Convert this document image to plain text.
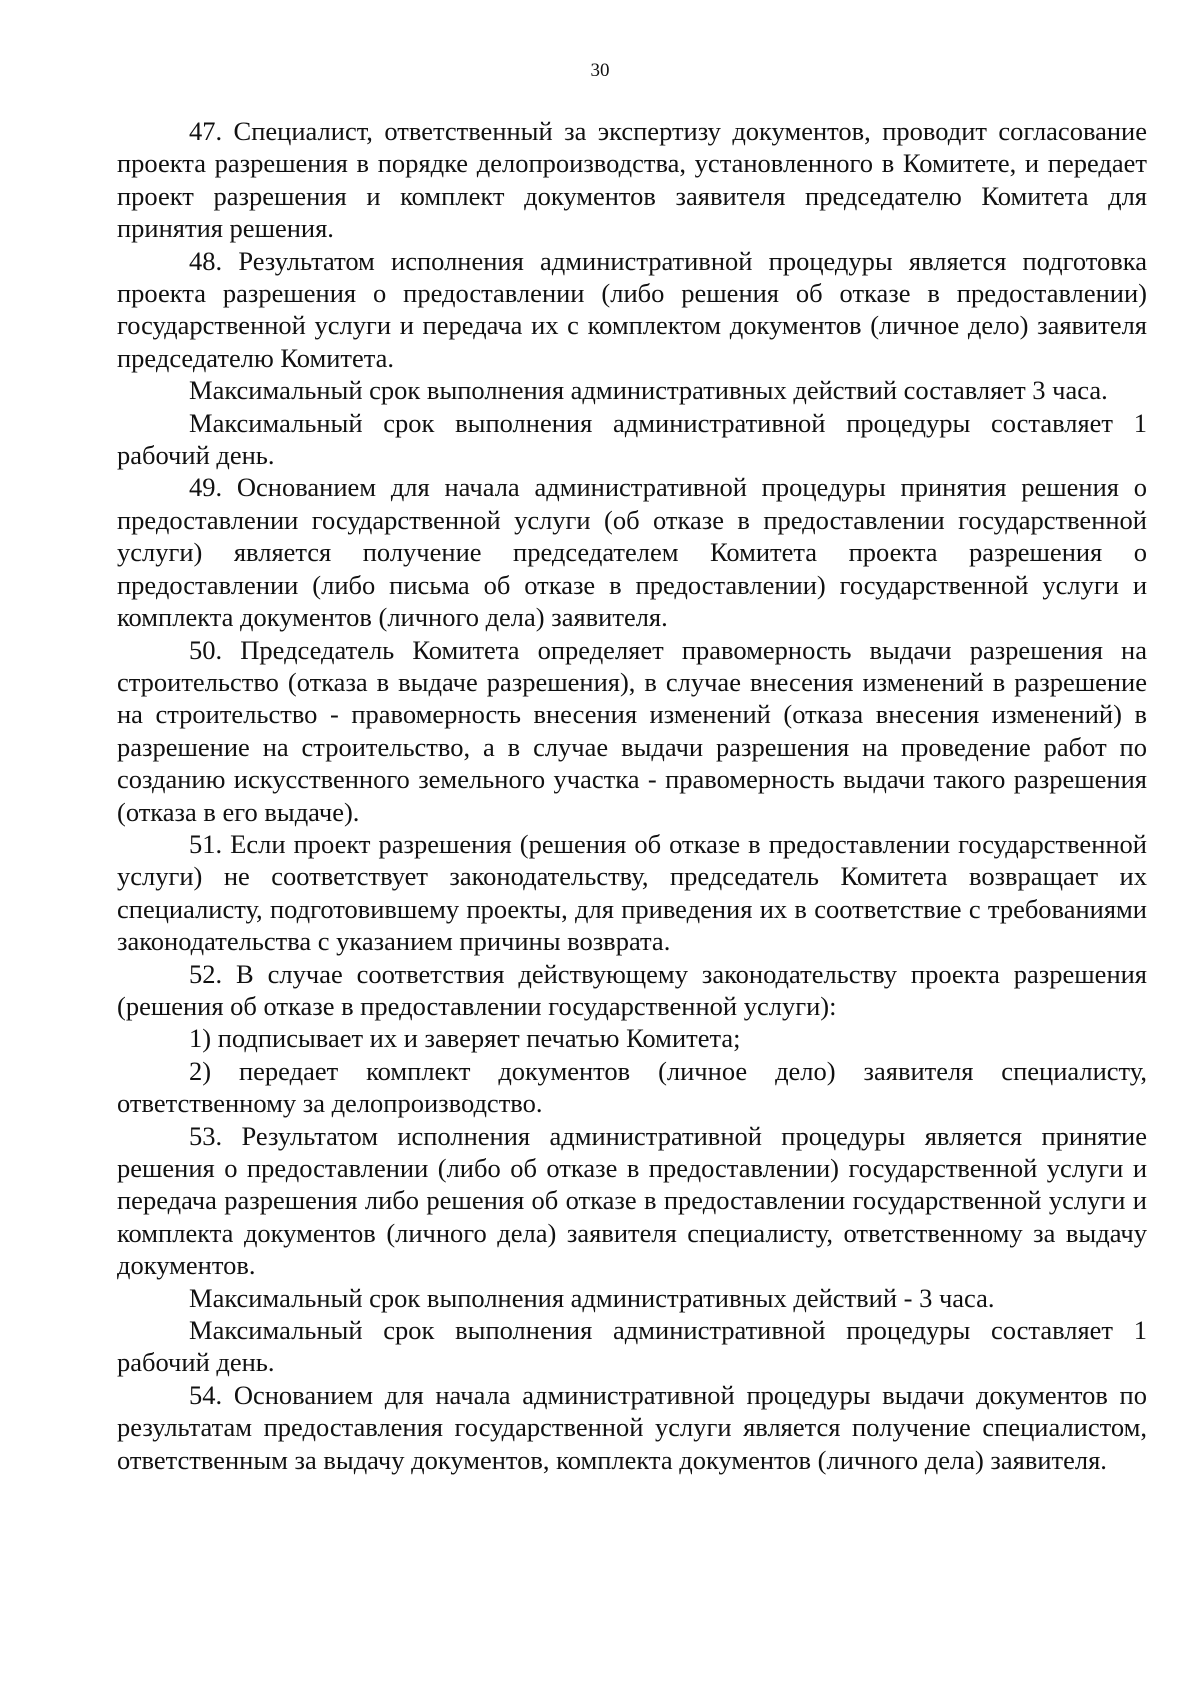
30

47. Специалист, ответственный за экспертизу документов, проводит согласование проекта разрешения в порядке делопроизводства, установленного в Комитете, и передает проект разрешения и комплект документов заявителя председателю Комитета для принятия решения.

48. Результатом исполнения административной процедуры является подготовка проекта разрешения о предоставлении (либо решения об отказе в предоставлении) государственной услуги и передача их с комплектом документов (личное дело) заявителя председателю Комитета.

Максимальный срок выполнения административных действий составляет 3 часа.

Максимальный срок выполнения административной процедуры составляет 1 рабочий день.

49. Основанием для начала административной процедуры принятия решения о предоставлении государственной услуги (об отказе в предоставлении государственной услуги) является получение председателем Комитета проекта разрешения о предоставлении (либо письма об отказе в предоставлении) государственной услуги и комплекта документов (личного дела) заявителя.

50. Председатель Комитета определяет правомерность выдачи разрешения на строительство (отказа в выдаче разрешения), в случае внесения изменений в разрешение на строительство - правомерность внесения изменений (отказа внесения изменений) в разрешение на строительство, а в случае выдачи разрешения на проведение работ по созданию искусственного земельного участка - правомерность выдачи такого разрешения (отказа в его выдаче).

51. Если проект разрешения (решения об отказе в предоставлении государственной услуги) не соответствует законодательству, председатель Комитета возвращает их специалисту, подготовившему проекты, для приведения их в соответствие с требованиями законодательства с указанием причины возврата.

52. В случае соответствия действующему законодательству проекта разрешения (решения об отказе в предоставлении государственной услуги):

1) подписывает их и заверяет печатью Комитета;

2) передает комплект документов (личное дело) заявителя специалисту, ответственному за делопроизводство.

53. Результатом исполнения административной процедуры является принятие решения о предоставлении (либо об отказе в предоставлении) государственной услуги и передача разрешения либо решения об отказе в предоставлении государственной услуги и комплекта документов (личного дела) заявителя специалисту, ответственному за выдачу документов.

Максимальный срок выполнения административных действий - 3 часа.

Максимальный срок выполнения административной процедуры составляет 1 рабочий день.

54. Основанием для начала административной процедуры выдачи документов по результатам предоставления государственной услуги является получение специалистом, ответственным за выдачу документов, комплекта документов (личного дела) заявителя.
